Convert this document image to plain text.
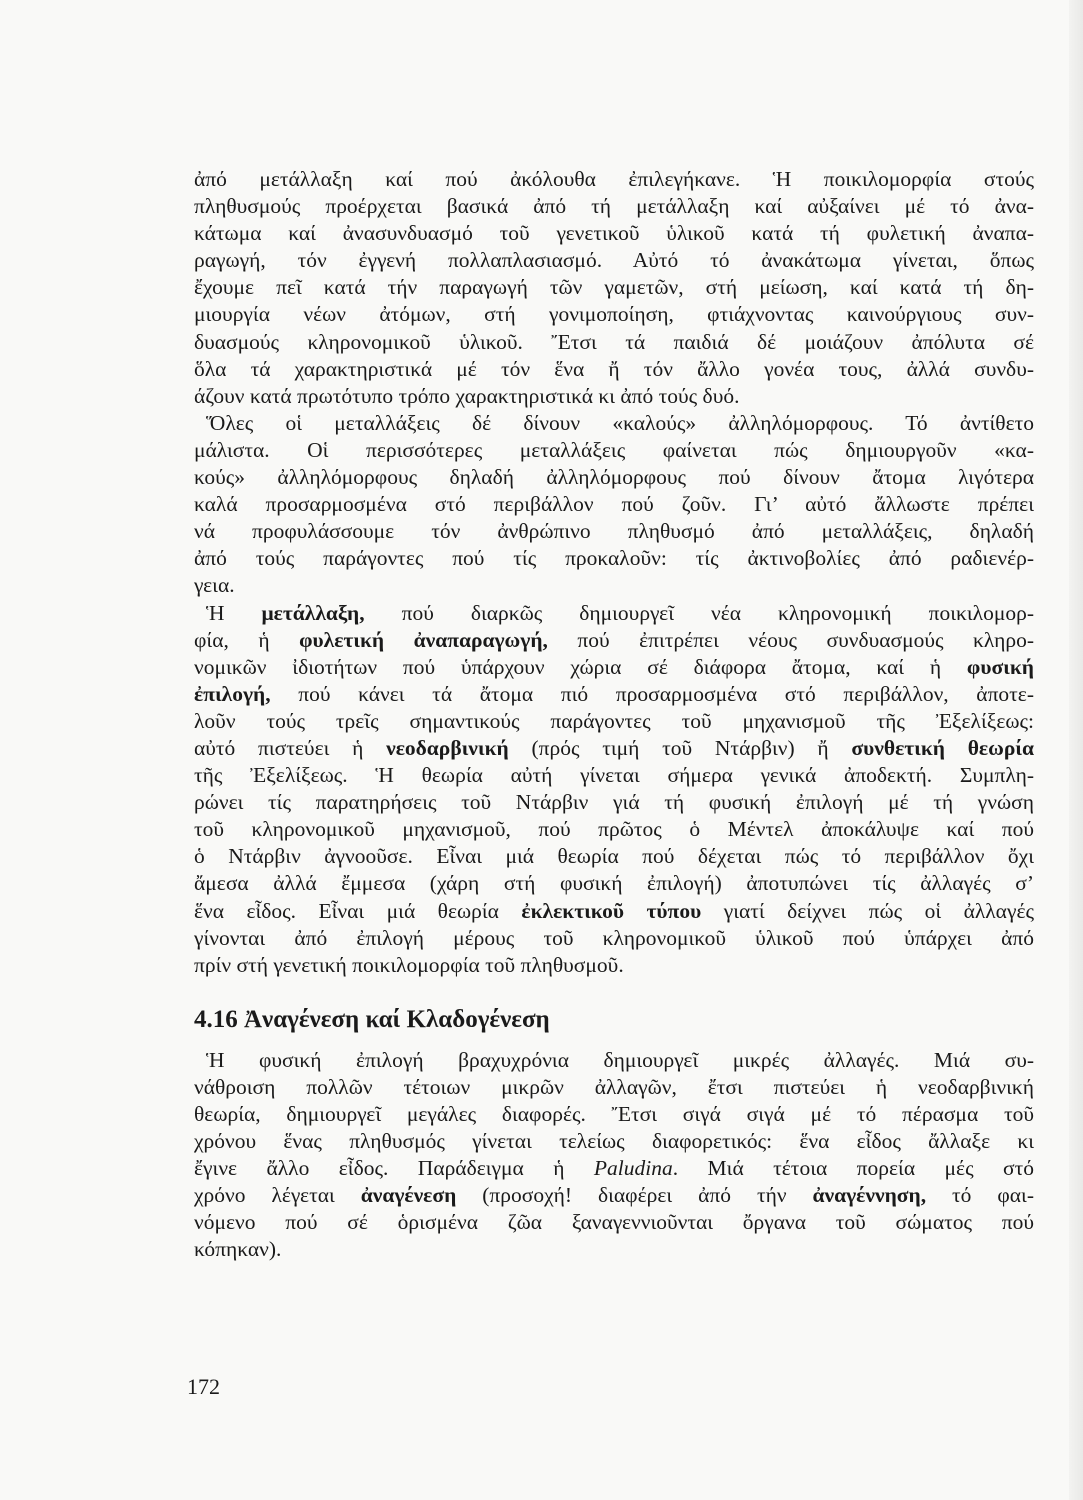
ἀπό μετάλλαξη καί πού ἀκόλουθα ἐπιλεγήκανε. Ἡ ποικιλομορφία στούς
πληθυσμούς προέρχεται βασικά ἀπό τή μετάλλαξη καί αὐξαίνει μέ τό ἀνα-
κάτωμα καί ἀνασυνδυασμό τοῦ γενετικοῦ ὑλικοῦ κατά τή φυλετική ἀναπα-
ραγωγή, τόν ἐγγενή πολλαπλασιασμό. Αὐτό τό ἀνακάτωμα γίνεται, ὅπως
ἔχουμε πεῖ κατά τήν παραγωγή τῶν γαμετῶν, στή μείωση, καί κατά τή δη-
μιουργία νέων ἀτόμων, στή γονιμοποίηση, φτιάχνοντας καινούργιους συν-
δυασμούς κληρονομικοῦ ὑλικοῦ. Ἔτσι τά παιδιά δέ μοιάζουν ἀπόλυτα σέ
ὅλα τά χαρακτηριστικά μέ τόν ἕνα ἤ τόν ἄλλο γονέα τους, ἀλλά συνδυ-
άζουν κατά πρωτότυπο τρόπο χαρακτηριστικά κι ἀπό τούς δυό.
Ὅλες οἱ μεταλλάξεις δέ δίνουν «καλούς» ἀλληλόμορφους. Τό ἀντίθετο
μάλιστα. Οἱ περισσότερες μεταλλάξεις φαίνεται πώς δημιουργοῦν «κα-
κούς» ἀλληλόμορφους δηλαδή ἀλληλόμορφους πού δίνουν ἄτομα λιγότερα
καλά προσαρμοσμένα στό περιβάλλον πού ζοῦν. Γι’ αὐτό ἄλλωστε πρέπει
νά προφυλάσσουμε τόν ἀνθρώπινο πληθυσμό ἀπό μεταλλάξεις, δηλαδή
ἀπό τούς παράγοντες πού τίς προκαλοῦν: τίς ἀκτινοβολίες ἀπό ραδιενέρ-
γεια.
Ἡ μετάλλαξη, πού διαρκῶς δημιουργεῖ νέα κληρονομική ποικιλομορ-
φία, ἡ φυλετική ἀναπαραγωγή, πού ἐπιτρέπει νέους συνδυασμούς κληρο-
νομικῶν ἰδιοτήτων πού ὑπάρχουν χώρια σέ διάφορα ἄτομα, καί ἡ φυσική
ἐπιλογή, πού κάνει τά ἄτομα πιό προσαρμοσμένα στό περιβάλλον, ἀποτε-
λοῦν τούς τρεῖς σημαντικούς παράγοντες τοῦ μηχανισμοῦ τῆς Ἐξελίξεως:
αὐτό πιστεύει ἡ νεοδαρβινική (πρός τιμή τοῦ Ντάρβιν) ἤ συνθετική θεωρία
τῆς Ἐξελίξεως. Ἡ θεωρία αὐτή γίνεται σήμερα γενικά ἀποδεκτή. Συμπλη-
ρώνει τίς παρατηρήσεις τοῦ Ντάρβιν γιά τή φυσική ἐπιλογή μέ τή γνώση
τοῦ κληρονομικοῦ μηχανισμοῦ, πού πρῶτος ὁ Μέντελ ἀποκάλυψε καί πού
ὁ Ντάρβιν ἀγνοοῦσε. Εἶναι μιά θεωρία πού δέχεται πώς τό περιβάλλον ὄχι
ἄμεσα ἀλλά ἔμμεσα (χάρη στή φυσική ἐπιλογή) ἀποτυπώνει τίς ἀλλαγές σ’
ἕνα εἶδος. Εἶναι μιά θεωρία ἐκλεκτικοῦ τύπου γιατί δείχνει πώς οἱ ἀλλαγές
γίνονται ἀπό ἐπιλογή μέρους τοῦ κληρονομικοῦ ὑλικοῦ πού ὑπάρχει ἀπό
πρίν στή γενετική ποικιλομορφία τοῦ πληθυσμοῦ.
4.16 Ἀναγένεση καί Κλαδογένεση
Ἡ φυσική ἐπιλογή βραχυχρόνια δημιουργεῖ μικρές ἀλλαγές. Μιά συ-
νάθροιση πολλῶν τέτοιων μικρῶν ἀλλαγῶν, ἔτσι πιστεύει ἡ νεοδαρβινική
θεωρία, δημιουργεῖ μεγάλες διαφορές. Ἔτσι σιγά σιγά μέ τό πέρασμα τοῦ
χρόνου ἕνας πληθυσμός γίνεται τελείως διαφορετικός: ἕνα εἶδος ἄλλαξε κι
ἔγινε ἄλλο εἶδος. Παράδειγμα ἡ Paludina. Μιά τέτοια πορεία μές στό
χρόνο λέγεται ἀναγένεση (προσοχή! διαφέρει ἀπό τήν ἀναγέννηση, τό φαι-
νόμενο πού σέ ὁρισμένα ζῶα ξαναγεννιοῦνται ὄργανα τοῦ σώματος πού
κόπηκαν).
172
